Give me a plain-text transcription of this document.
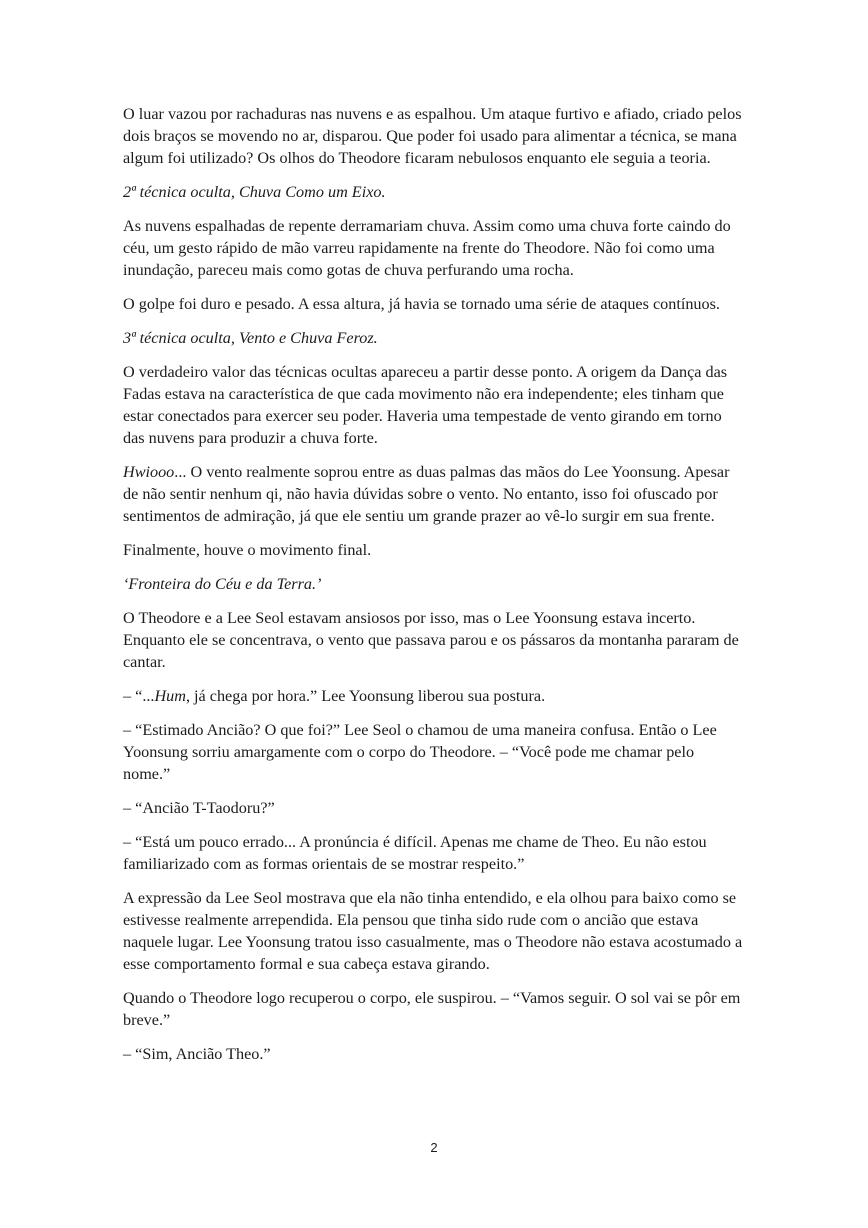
O luar vazou por rachaduras nas nuvens e as espalhou. Um ataque furtivo e afiado, criado pelos dois braços se movendo no ar, disparou. Que poder foi usado para alimentar a técnica, se mana algum foi utilizado? Os olhos do Theodore ficaram nebulosos enquanto ele seguia a teoria.

2ª técnica oculta, Chuva Como um Eixo.

As nuvens espalhadas de repente derramariam chuva. Assim como uma chuva forte caindo do céu, um gesto rápido de mão varreu rapidamente na frente do Theodore. Não foi como uma inundação, pareceu mais como gotas de chuva perfurando uma rocha.

O golpe foi duro e pesado. A essa altura, já havia se tornado uma série de ataques contínuos.

3ª técnica oculta, Vento e Chuva Feroz.

O verdadeiro valor das técnicas ocultas apareceu a partir desse ponto. A origem da Dança das Fadas estava na característica de que cada movimento não era independente; eles tinham que estar conectados para exercer seu poder. Haveria uma tempestade de vento girando em torno das nuvens para produzir a chuva forte.

Hwiooo... O vento realmente soprou entre as duas palmas das mãos do Lee Yoonsung. Apesar de não sentir nenhum qi, não havia dúvidas sobre o vento. No entanto, isso foi ofuscado por sentimentos de admiração, já que ele sentiu um grande prazer ao vê-lo surgir em sua frente.

Finalmente, houve o movimento final.

‘Fronteira do Céu e da Terra.’

O Theodore e a Lee Seol estavam ansiosos por isso, mas o Lee Yoonsung estava incerto. Enquanto ele se concentrava, o vento que passava parou e os pássaros da montanha pararam de cantar.

– “...Hum, já chega por hora.” Lee Yoonsung liberou sua postura.

– “Estimado Ancião? O que foi?” Lee Seol o chamou de uma maneira confusa. Então o Lee Yoonsung sorriu amargamente com o corpo do Theodore. – “Você pode me chamar pelo nome.”

– “Ancião T-Taodoru?”

– “Está um pouco errado... A pronúncia é difícil. Apenas me chame de Theo. Eu não estou familiarizado com as formas orientais de se mostrar respeito.”

A expressão da Lee Seol mostrava que ela não tinha entendido, e ela olhou para baixo como se estivesse realmente arrependida. Ela pensou que tinha sido rude com o ancião que estava naquele lugar. Lee Yoonsung tratou isso casualmente, mas o Theodore não estava acostumado a esse comportamento formal e sua cabeça estava girando.

Quando o Theodore logo recuperou o corpo, ele suspirou. – “Vamos seguir. O sol vai se pôr em breve.”

– “Sim, Ancião Theo.”

2
